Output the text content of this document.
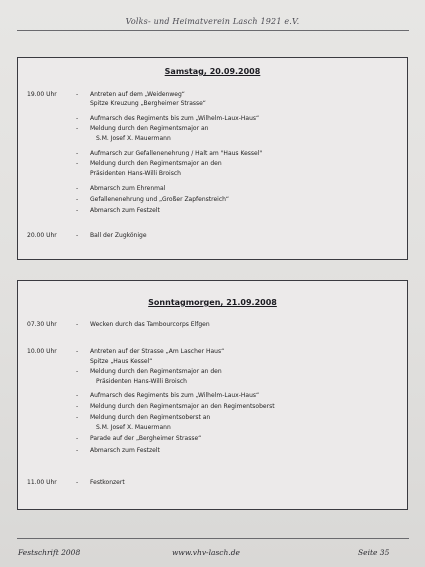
Volks- und Heimatverein Lasch 1921 e.V.
Samstag, 20.09.2008
19.00 Uhr	- Antreten auf dem „Weidenweg“
Spitze Kreuzung „Bergheimer Strasse“
- Aufmarsch des Regiments bis zum „Wilhelm-Laux-Haus“
- Meldung durch den Regimentsmajor an
S.M. Josef X. Mauermann
- Aufmarsch zur Gefallenenehrung / Halt am "Haus Kessel"
- Meldung durch den Regimentsmajor an den
Präsidenten Hans-Willi Broisch
- Abmarsch zum Ehrenmal
- Gefallenenehrung und „Großer Zapfenstreich“
- Abmarsch zum Festzelt
20.00 Uhr	- Ball der Zugkönige
Sonntagmorgen, 21.09.2008
07.30 Uhr	- Wecken durch das Tambourcorps Elfgen
10.00 Uhr	- Antreten auf der Strasse „Am Lascher Haus“
Spitze „Haus Kessel“
- Meldung durch den Regimentsmajor an den
Präsidenten Hans-Willi Broisch
- Aufmarsch des Regiments bis zum „Wilhelm-Laux-Haus“
- Meldung durch den Regimentsmajor an den Regimentsoberst
- Meldung durch den Regimentsoberst an
S.M. Josef X. Mauermann
- Parade auf der „Bergheimer Strasse“
- Abmarsch zum Festzelt
11.00 Uhr	- Festkonzert
Festschrift 2008	www.vhv-lasch.de	Seite 35
